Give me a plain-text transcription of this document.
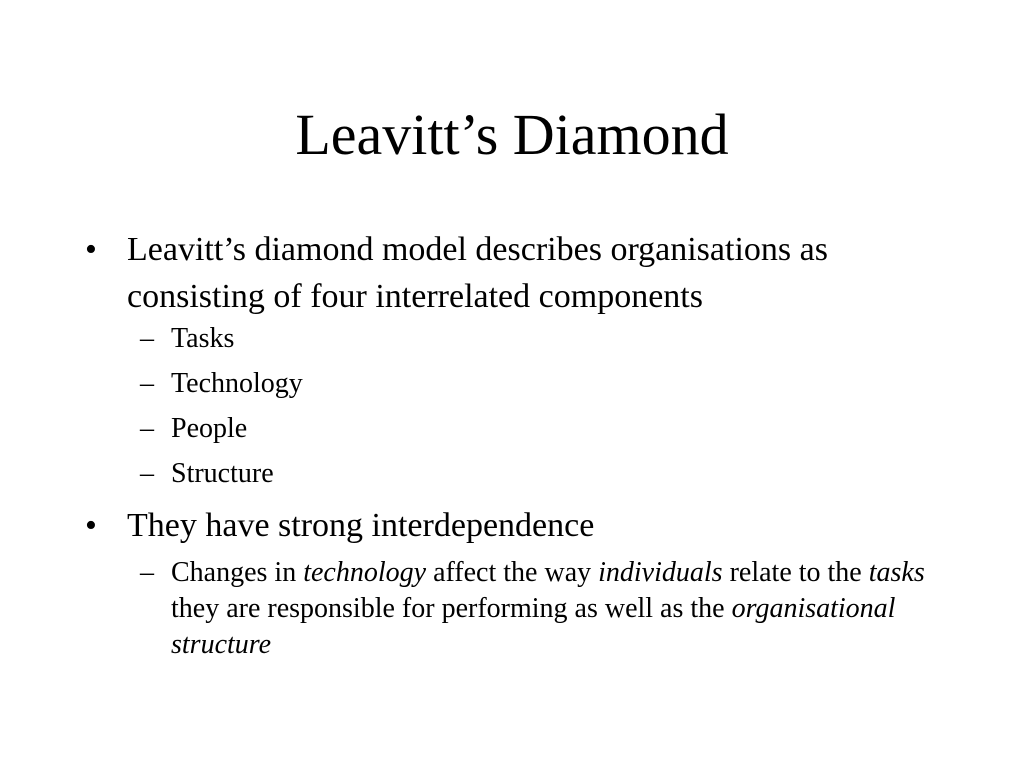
Leavitt’s Diamond
• Leavitt’s diamond model describes organisations as consisting of four interrelated components
– Tasks
– Technology
– People
– Structure
• They have strong interdependence
– Changes in technology affect the way individuals relate to the tasks they are responsible for performing as well as the organisational structure
